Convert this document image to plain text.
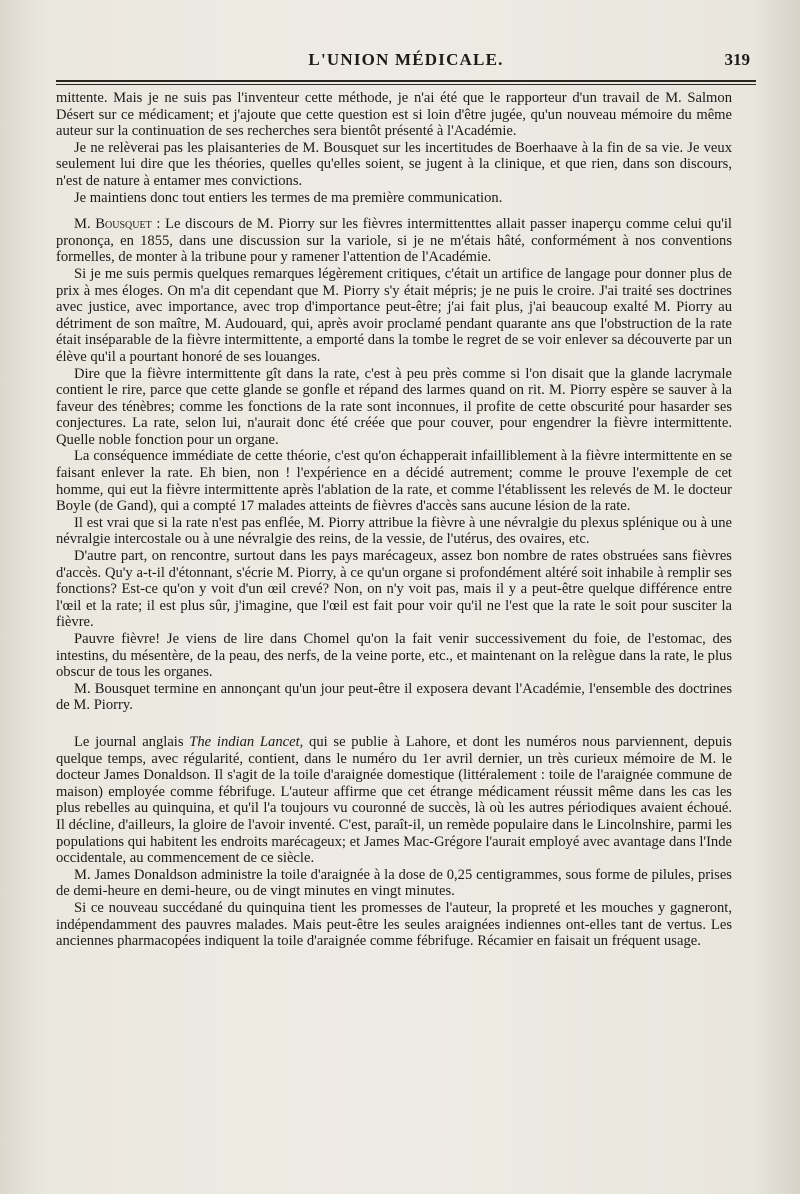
L'UNION MÉDICALE.	319

mittente. Mais je ne suis pas l'inventeur cette méthode, je n'ai été que le rapporteur d'un travail de M. Salmon Désert sur ce médicament; et j'ajoute que cette question est si loin d'être jugée, qu'un nouveau mémoire du même auteur sur la continuation de ses recherches sera bientôt présenté à l'Académie.

Je ne relèverai pas les plaisanteries de M. Bousquet sur les incertitudes de Boerhaave à la fin de sa vie. Je veux seulement lui dire que les théories, quelles qu'elles soient, se jugent à la clinique, et que rien, dans son discours, n'est de nature à entamer mes convictions.

Je maintiens donc tout entiers les termes de ma première communication.

M. Bousquet : Le discours de M. Piorry sur les fièvres intermittenttes allait passer inaperçu comme celui qu'il prononça, en 1855, dans une discussion sur la variole, si je ne m'étais hâté, conformément à nos conventions formelles, de monter à la tribune pour y ramener l'attention de l'Académie.

Si je me suis permis quelques remarques légèrement critiques, c'était un artifice de langage pour donner plus de prix à mes éloges. On m'a dit cependant que M. Piorry s'y était mépris; je ne puis le croire. J'ai traité ses doctrines avec justice, avec importance, avec trop d'importance peut-être; j'ai fait plus, j'ai beaucoup exalté M. Piorry au détriment de son maître, M. Audouard, qui, après avoir proclamé pendant quarante ans que l'obstruction de la rate était inséparable de la fièvre intermittente, a emporté dans la tombe le regret de se voir enlever sa découverte par un élève qu'il a pourtant honoré de ses louanges.

Dire que la fièvre intermittente gît dans la rate, c'est à peu près comme si l'on disait que la glande lacrymale contient le rire, parce que cette glande se gonfle et répand des larmes quand on rit. M. Piorry espère se sauver à la faveur des ténèbres; comme les fonctions de la rate sont inconnues, il profite de cette obscurité pour hasarder ses conjectures. La rate, selon lui, n'aurait donc été créée que pour couver, pour engendrer la fièvre intermittente. Quelle noble fonction pour un organe.

La conséquence immédiate de cette théorie, c'est qu'on échapperait infailliblement à la fièvre intermittente en se faisant enlever la rate. Eh bien, non ! l'expérience en a décidé autrement; comme le prouve l'exemple de cet homme, qui eut la fièvre intermittente après l'ablation de la rate, et comme l'établissent les relevés de M. le docteur Boyle (de Gand), qui a compté 17 malades atteints de fièvres d'accès sans aucune lésion de la rate.

Il est vrai que si la rate n'est pas enflée, M. Piorry attribue la fièvre à une névralgie du plexus splénique ou à une névralgie intercostale ou à une névralgie des reins, de la vessie, de l'utérus, des ovaires, etc.

D'autre part, on rencontre, surtout dans les pays marécageux, assez bon nombre de rates obstruées sans fièvres d'accès. Qu'y a-t-il d'étonnant, s'écrie M. Piorry, à ce qu'un organe si profondément altéré soit inhabile à remplir ses fonctions? Est-ce qu'on y voit d'un œil crevé? Non, on n'y voit pas, mais il y a peut-être quelque différence entre l'œil et la rate; il est plus sûr, j'imagine, que l'œil est fait pour voir qu'il ne l'est que la rate le soit pour susciter la fièvre.

Pauvre fièvre! Je viens de lire dans Chomel qu'on la fait venir successivement du foie, de l'estomac, des intestins, du mésentère, de la peau, des nerfs, de la veine porte, etc., et maintenant on la relègue dans la rate, le plus obscur de tous les organes.

M. Bousquet termine en annonçant qu'un jour peut-être il exposera devant l'Académie, l'ensemble des doctrines de M. Piorry.

Le journal anglais The indian Lancet, qui se publie à Lahore, et dont les numéros nous parviennent, depuis quelque temps, avec régularité, contient, dans le numéro du 1er avril dernier, un très curieux mémoire de M. le docteur James Donaldson. Il s'agit de la toile d'araignée domestique (littéralement : toile de l'araignée commune de maison) employée comme fébrifuge. L'auteur affirme que cet étrange médicament réussit même dans les cas les plus rebelles au quinquina, et qu'il l'a toujours vu couronné de succès, là où les autres périodiques avaient échoué. Il décline, d'ailleurs, la gloire de l'avoir inventé. C'est, paraît-il, un remède populaire dans le Lincolnshire, parmi les populations qui habitent les endroits marécageux; et James Mac-Grégore l'aurait employé avec avantage dans l'Inde occidentale, au commencement de ce siècle.

M. James Donaldson administre la toile d'araignée à la dose de 0,25 centigrammes, sous forme de pilules, prises de demi-heure en demi-heure, ou de vingt minutes en vingt minutes.

Si ce nouveau succédané du quinquina tient les promesses de l'auteur, la propreté et les mouches y gagneront, indépendamment des pauvres malades. Mais peut-être les seules araignées indiennes ont-elles tant de vertus. Les anciennes pharmacopées indiquent la toile d'araignée comme fébrifuge. Récamier en faisait un fréquent usage.
